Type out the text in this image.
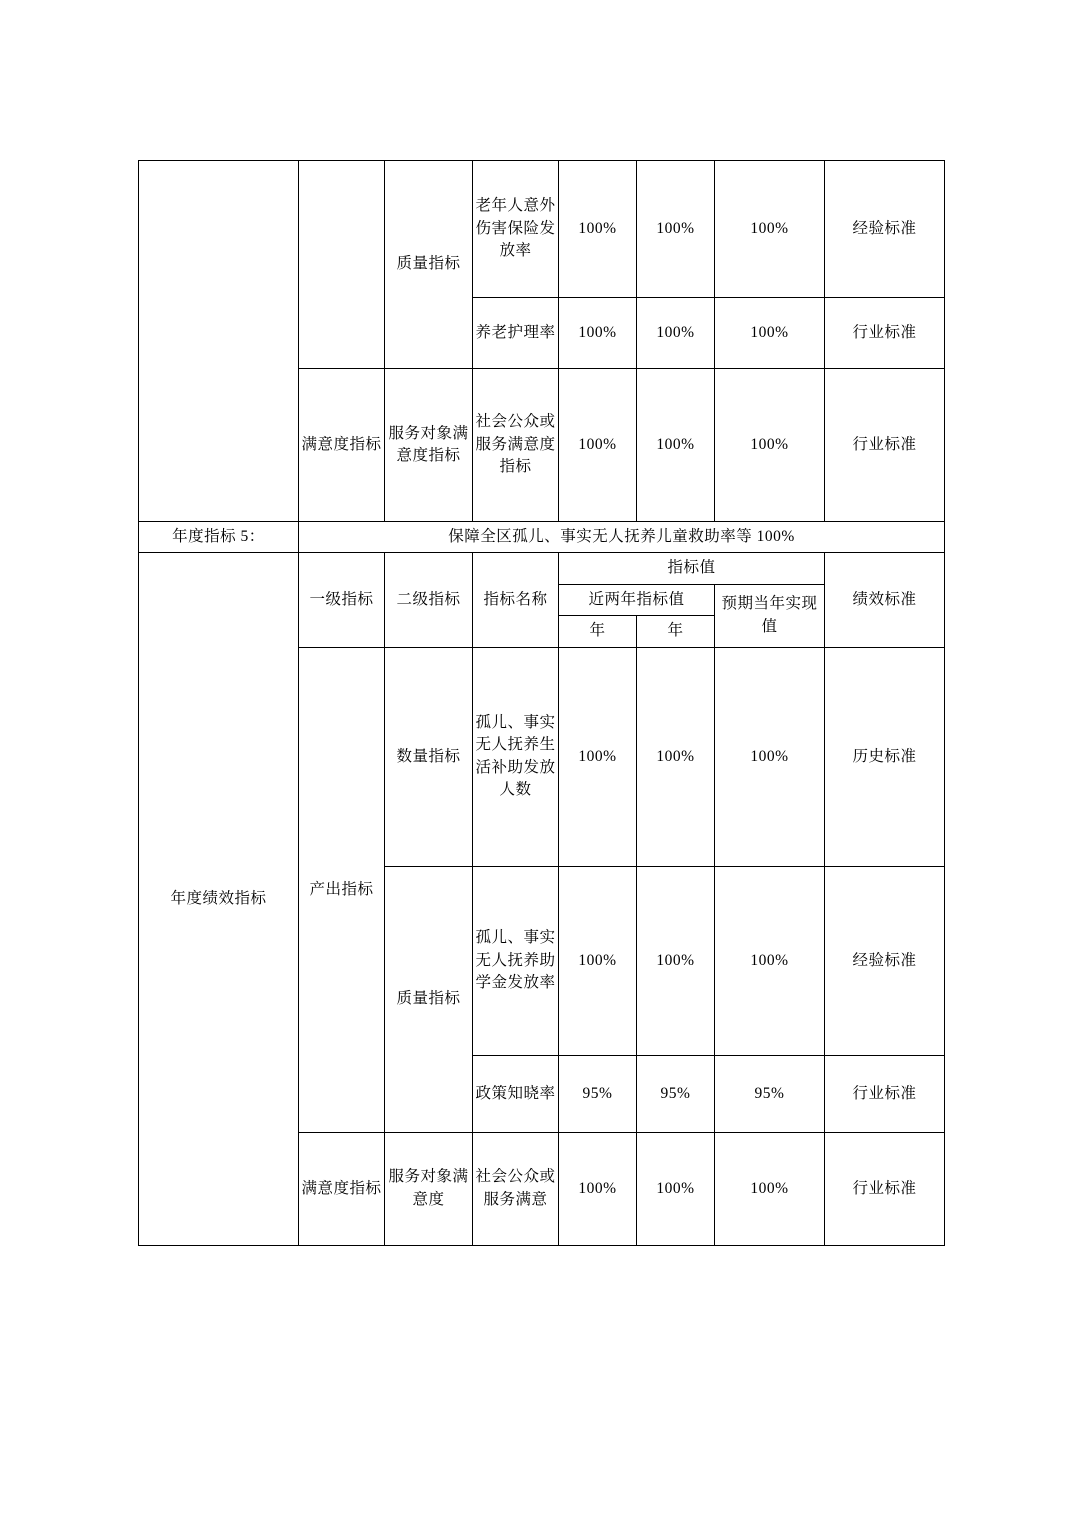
		质量指标	老年人意外伤害保险发放率	100%	100%	100%	经验标准
			养老护理率	100%	100%	100%	行业标准
	满意度指标	服务对象满意度指标	社会公众或服务满意度指标	100%	100%	100%	行业标准
年度指标 5：	保障全区孤儿、事实无人抚养儿童救助率等 100%						
年度绩效指标	一级指标	二级指标	指标名称	指标值			绩效标准
				近两年指标值		预期当年实现值	
				年	年		
	产出指标	数量指标	孤儿、事实无人抚养生活补助发放人数	100%	100%	100%	历史标准
		质量指标	孤儿、事实无人抚养助学金发放率	100%	100%	100%	经验标准
			政策知晓率	95%	95%	95%	行业标准
	满意度指标	服务对象满意度	社会公众或服务满意	100%	100%	100%	行业标准
